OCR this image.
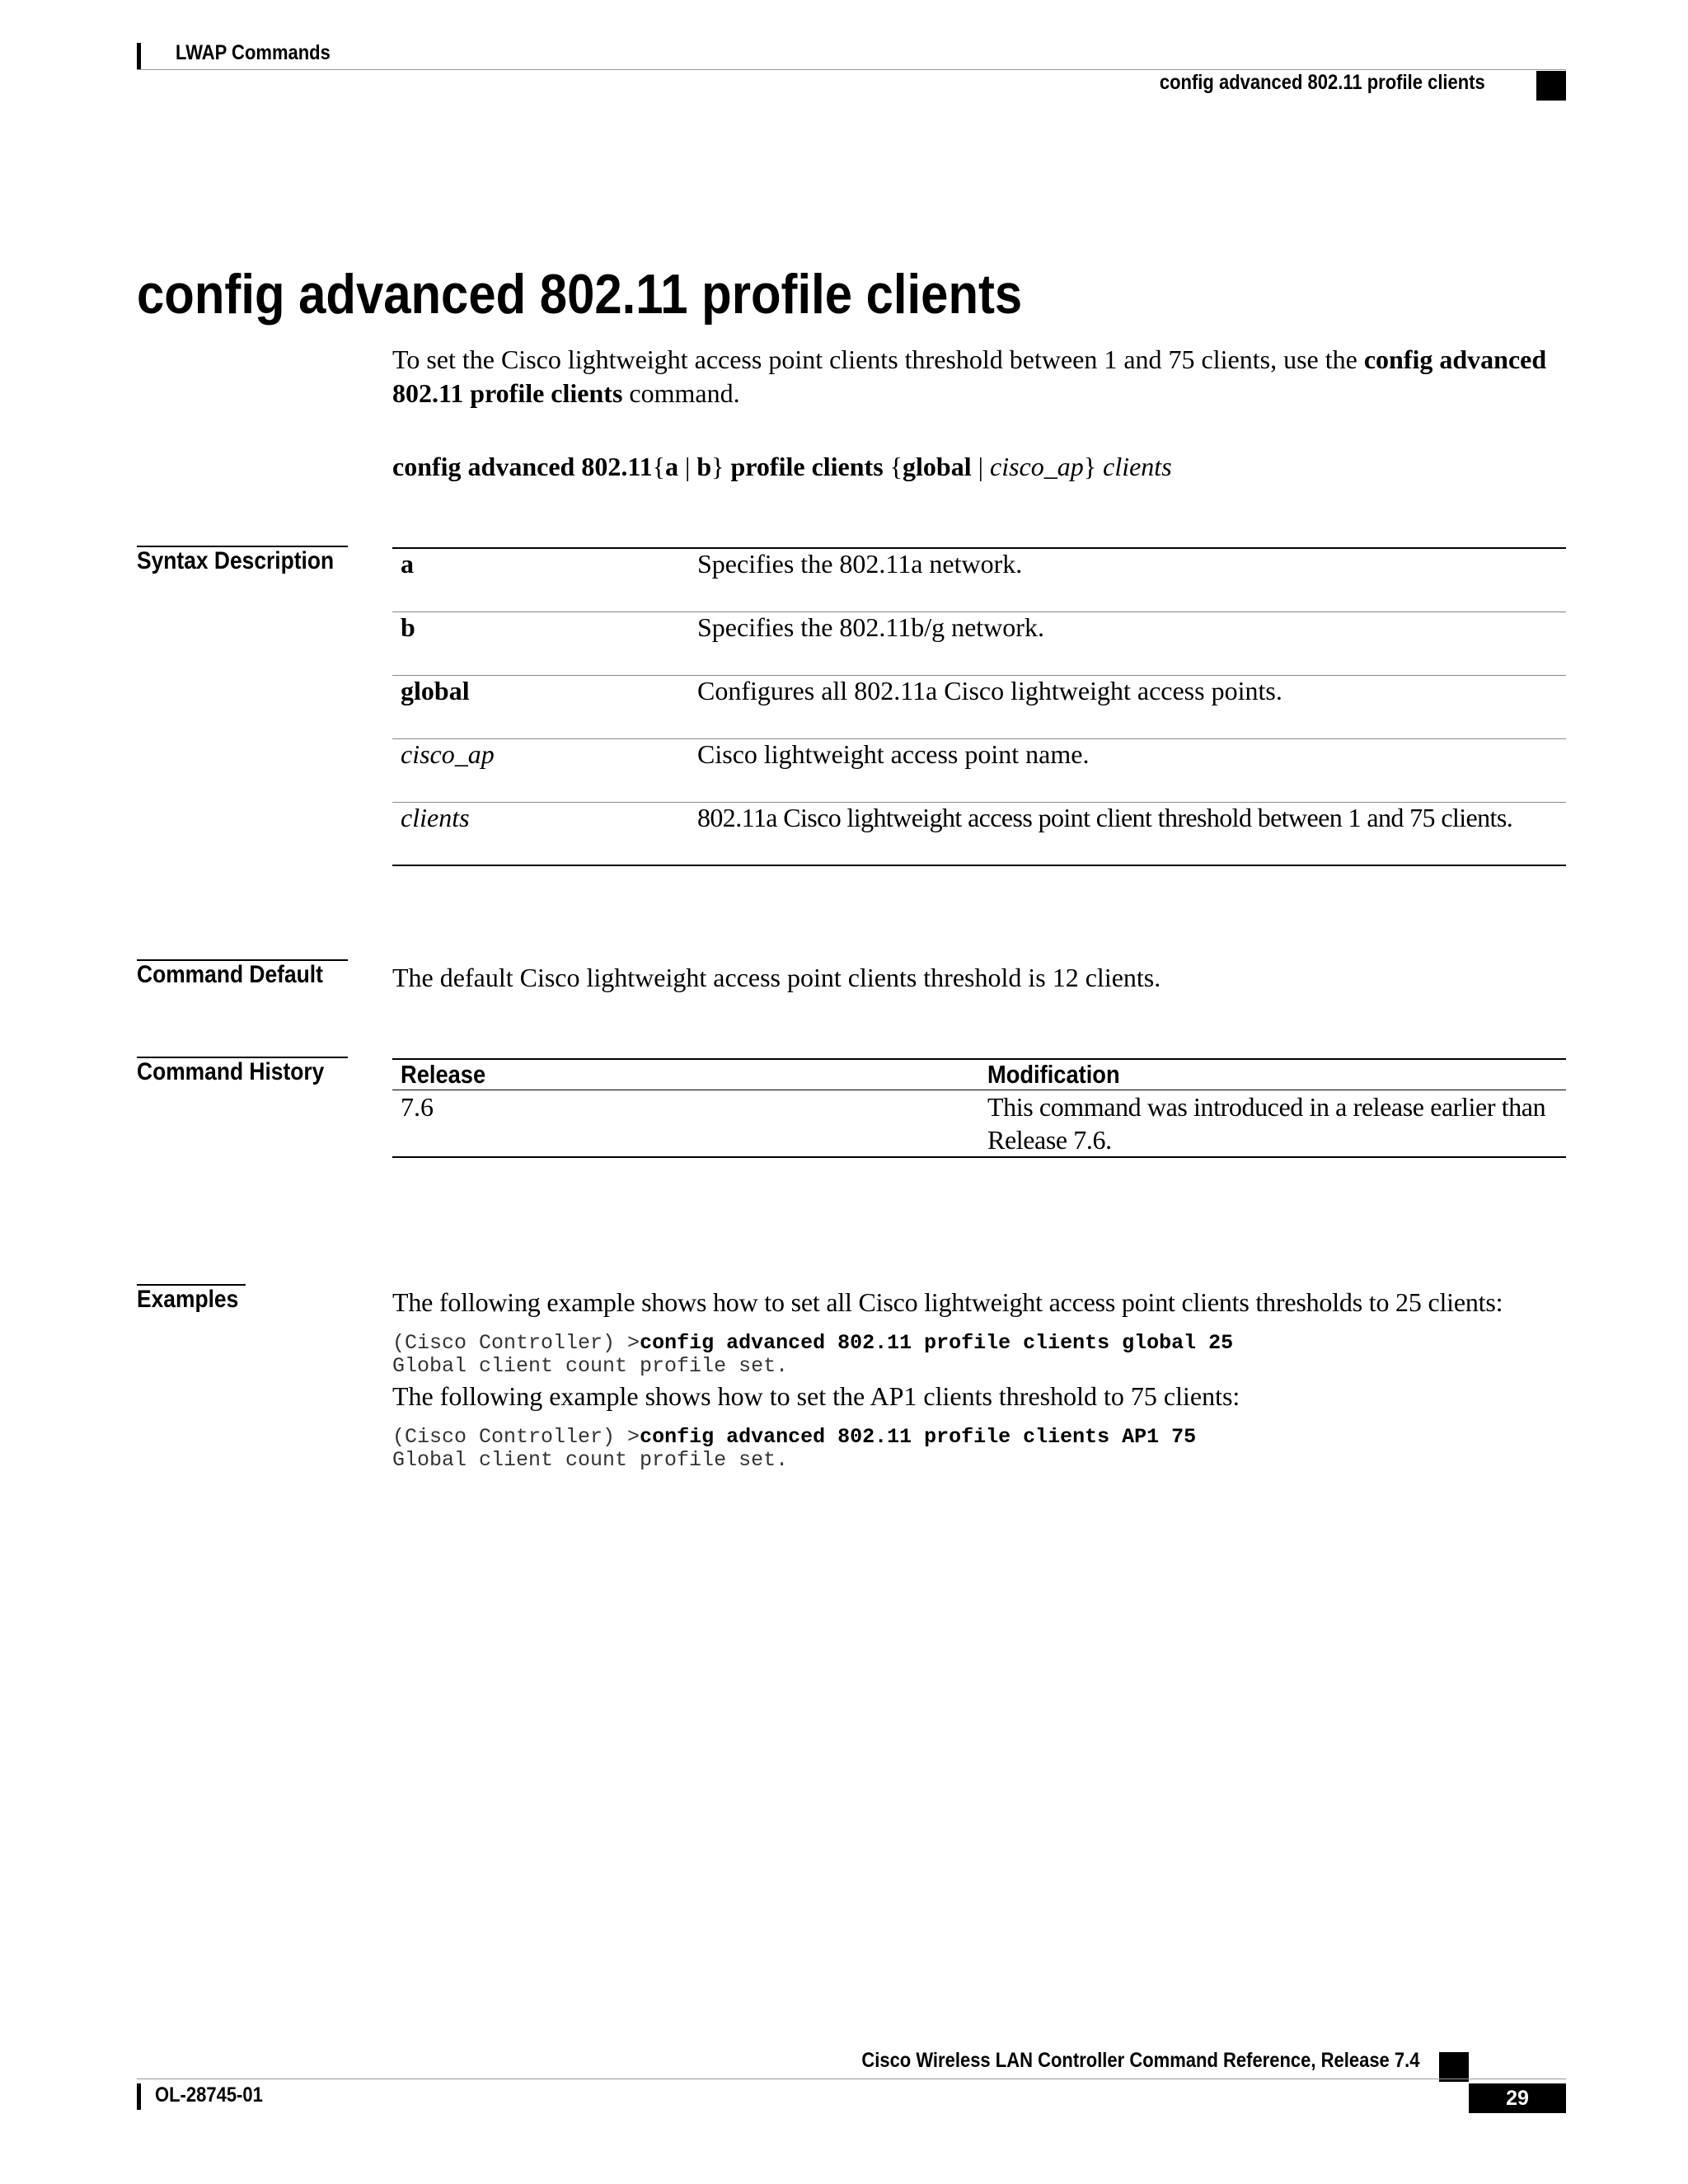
LWAP Commands
config advanced 802.11 profile clients
config advanced 802.11 profile clients
To set the Cisco lightweight access point clients threshold between 1 and 75 clients, use the config advanced 802.11 profile clients command.
config advanced 802.11{a | b} profile clients {global | cisco_ap} clients
Syntax Description	a	Specifies the 802.11a network.
b	Specifies the 802.11b/g network.
global	Configures all 802.11a Cisco lightweight access points.
cisco_ap	Cisco lightweight access point name.
clients	802.11a Cisco lightweight access point client threshold between 1 and 75 clients.
Command Default	The default Cisco lightweight access point clients threshold is 12 clients.
Command History	Release	Modification
7.6	This command was introduced in a release earlier than Release 7.6.
Examples	The following example shows how to set all Cisco lightweight access point clients thresholds to 25 clients:
(Cisco Controller) >config advanced 802.11 profile clients global 25
Global client count profile set.
The following example shows how to set the AP1 clients threshold to 75 clients:
(Cisco Controller) >config advanced 802.11 profile clients AP1 75
Global client count profile set.
Cisco Wireless LAN Controller Command Reference, Release 7.4
OL-28745-01	29
